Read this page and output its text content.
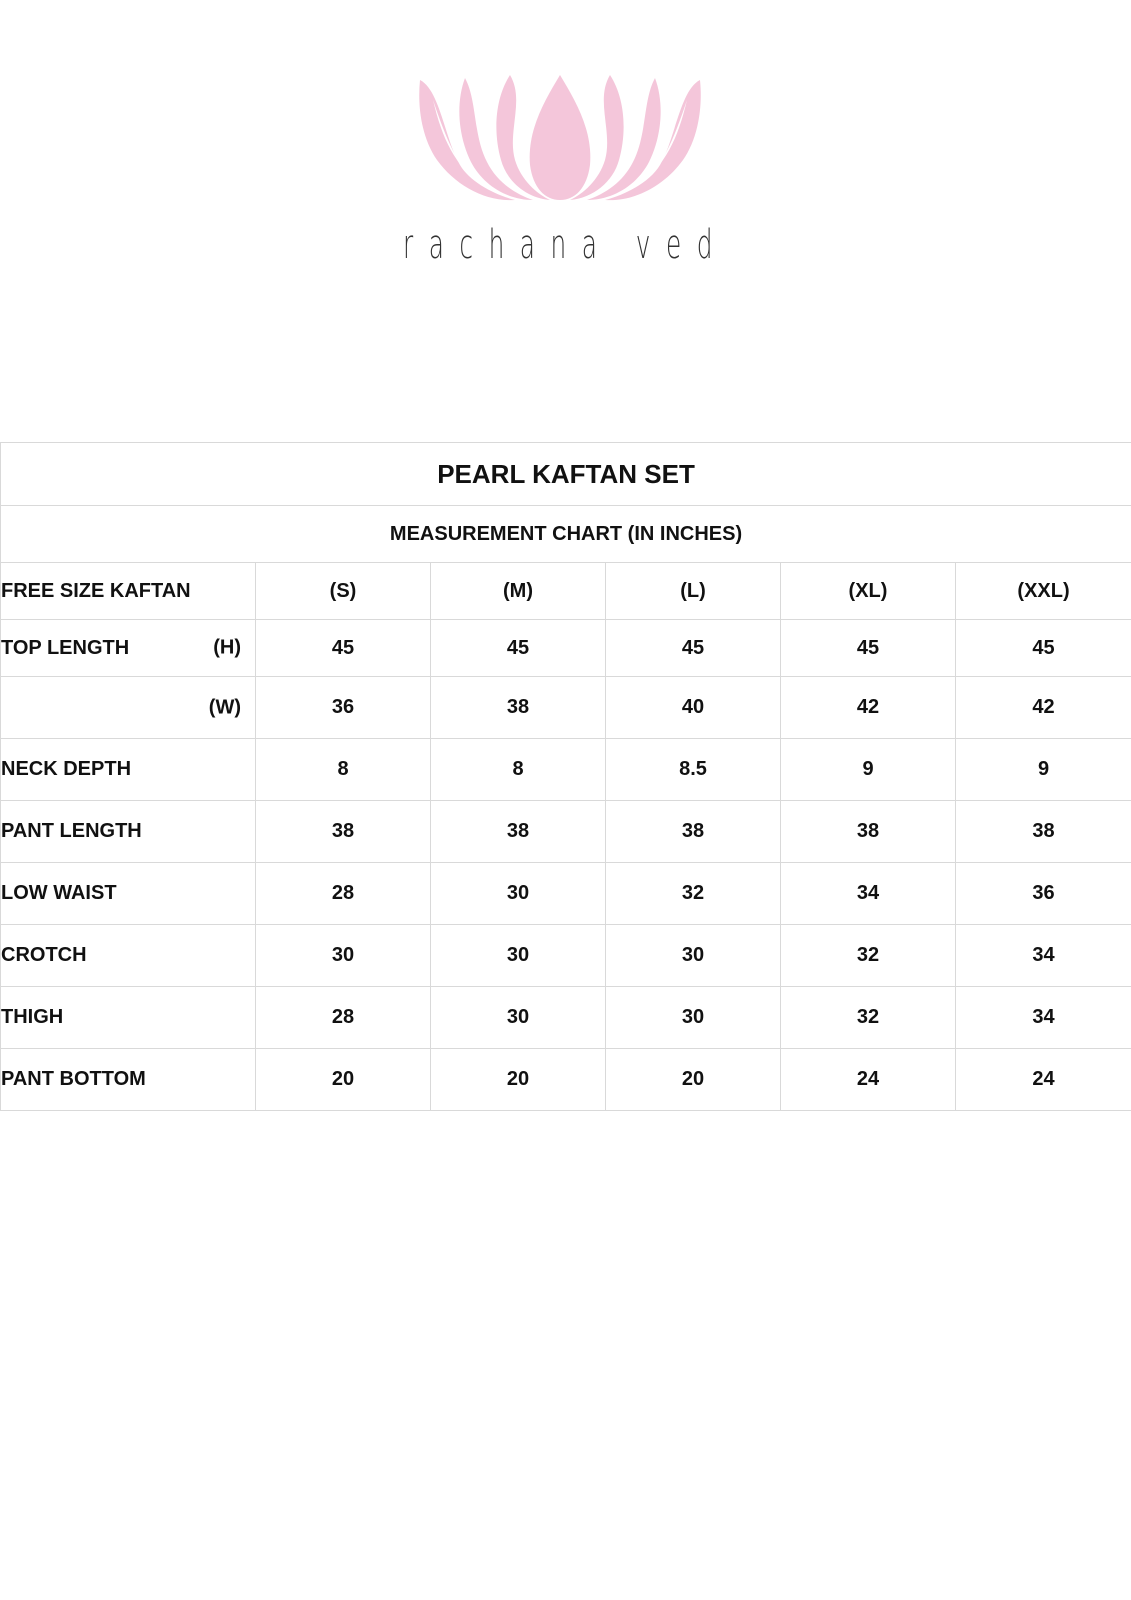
rachana ved
PEARL KAFTAN SET					
MEASUREMENT CHART (IN INCHES)					
FREE SIZE KAFTAN	(S)	(M)	(L)	(XL)	(XXL)
TOP LENGTH (H)	45	45	45	45	45

(W)	36	38	40	42	42
NECK DEPTH	8	8	8.5	9	9
PANT LENGTH	38	38	38	38	38
LOW WAIST	28	30	32	34	36
CROTCH	30	30	30	32	34
THIGH	28	30	30	32	34
PANT BOTTOM	20	20	20	24	24
